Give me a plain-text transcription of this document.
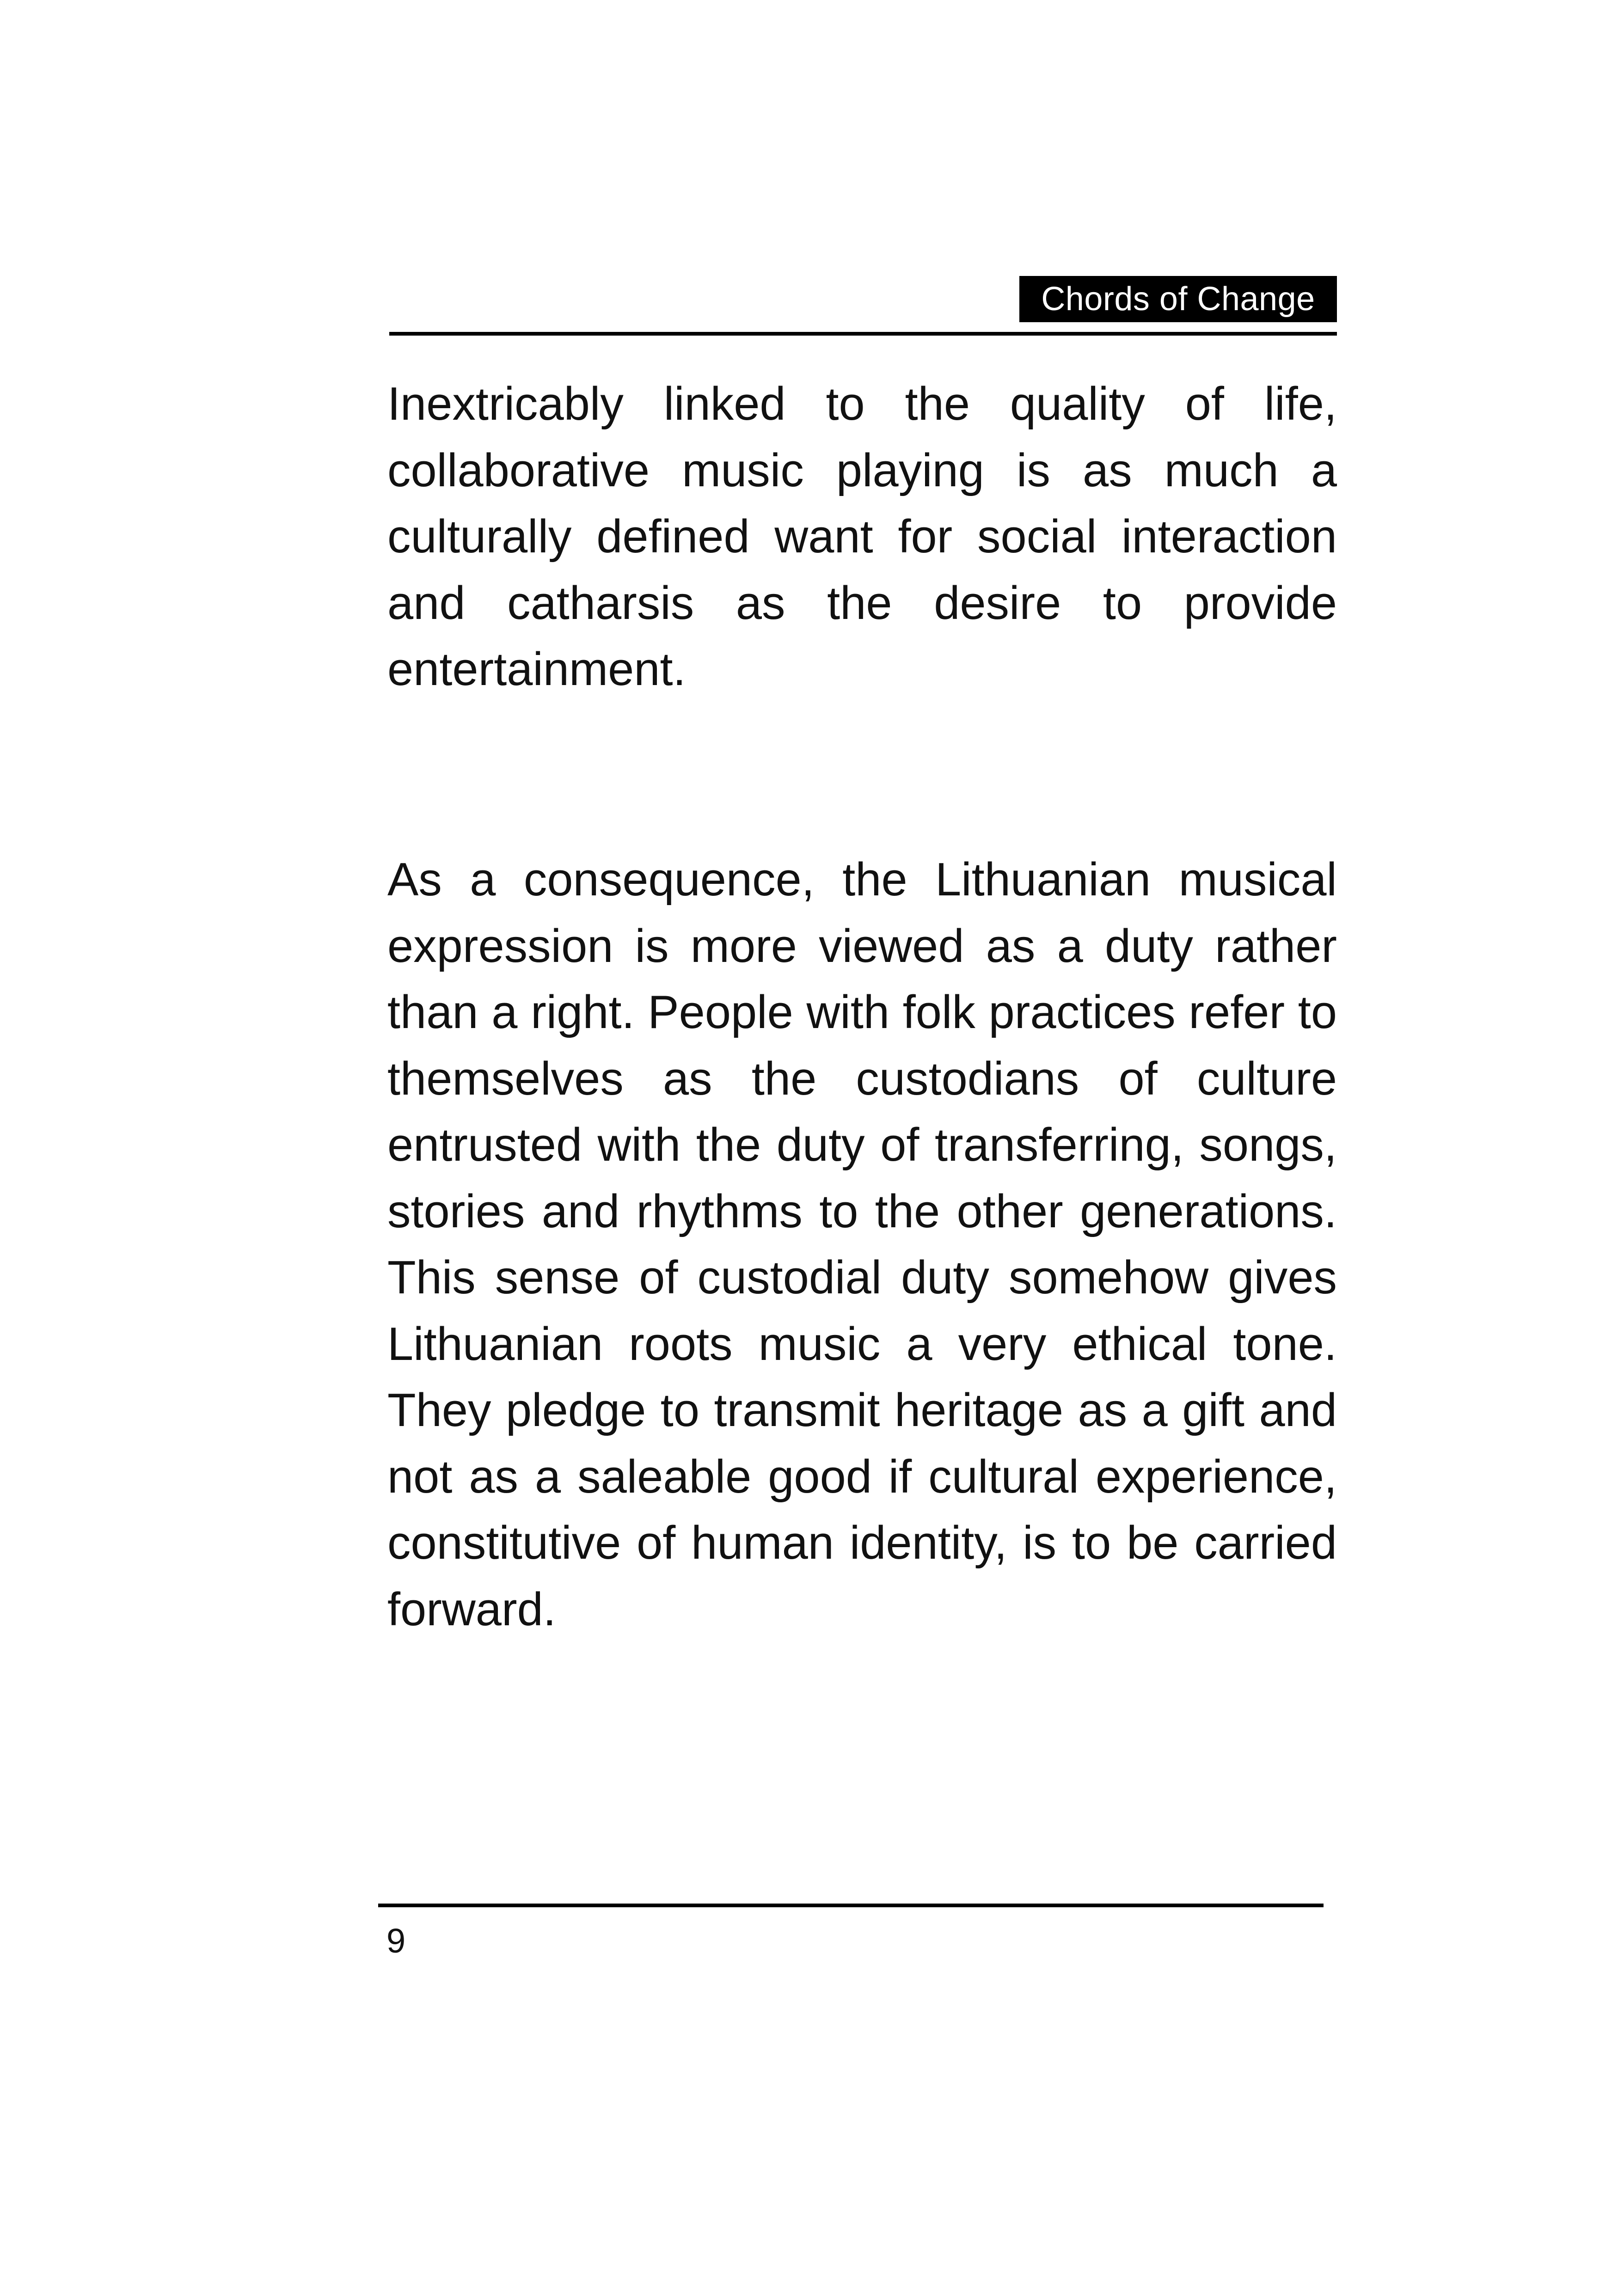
Chords of Change

Inextricably linked to the quality of life, collaborative music playing is as much a culturally defined want for social interaction and catharsis as the desire to provide entertainment.

As a consequence, the Lithuanian musical expression is more viewed as a duty rather than a right. People with folk practices refer to themselves as the custodians of culture entrusted with the duty of transferring, songs, stories and rhythms to the other generations. This sense of custodial duty somehow gives Lithuanian roots music a very ethical tone. They pledge to transmit heritage as a gift and not as a saleable good if cultural experience, constitutive of human identity, is to be carried forward.

9
